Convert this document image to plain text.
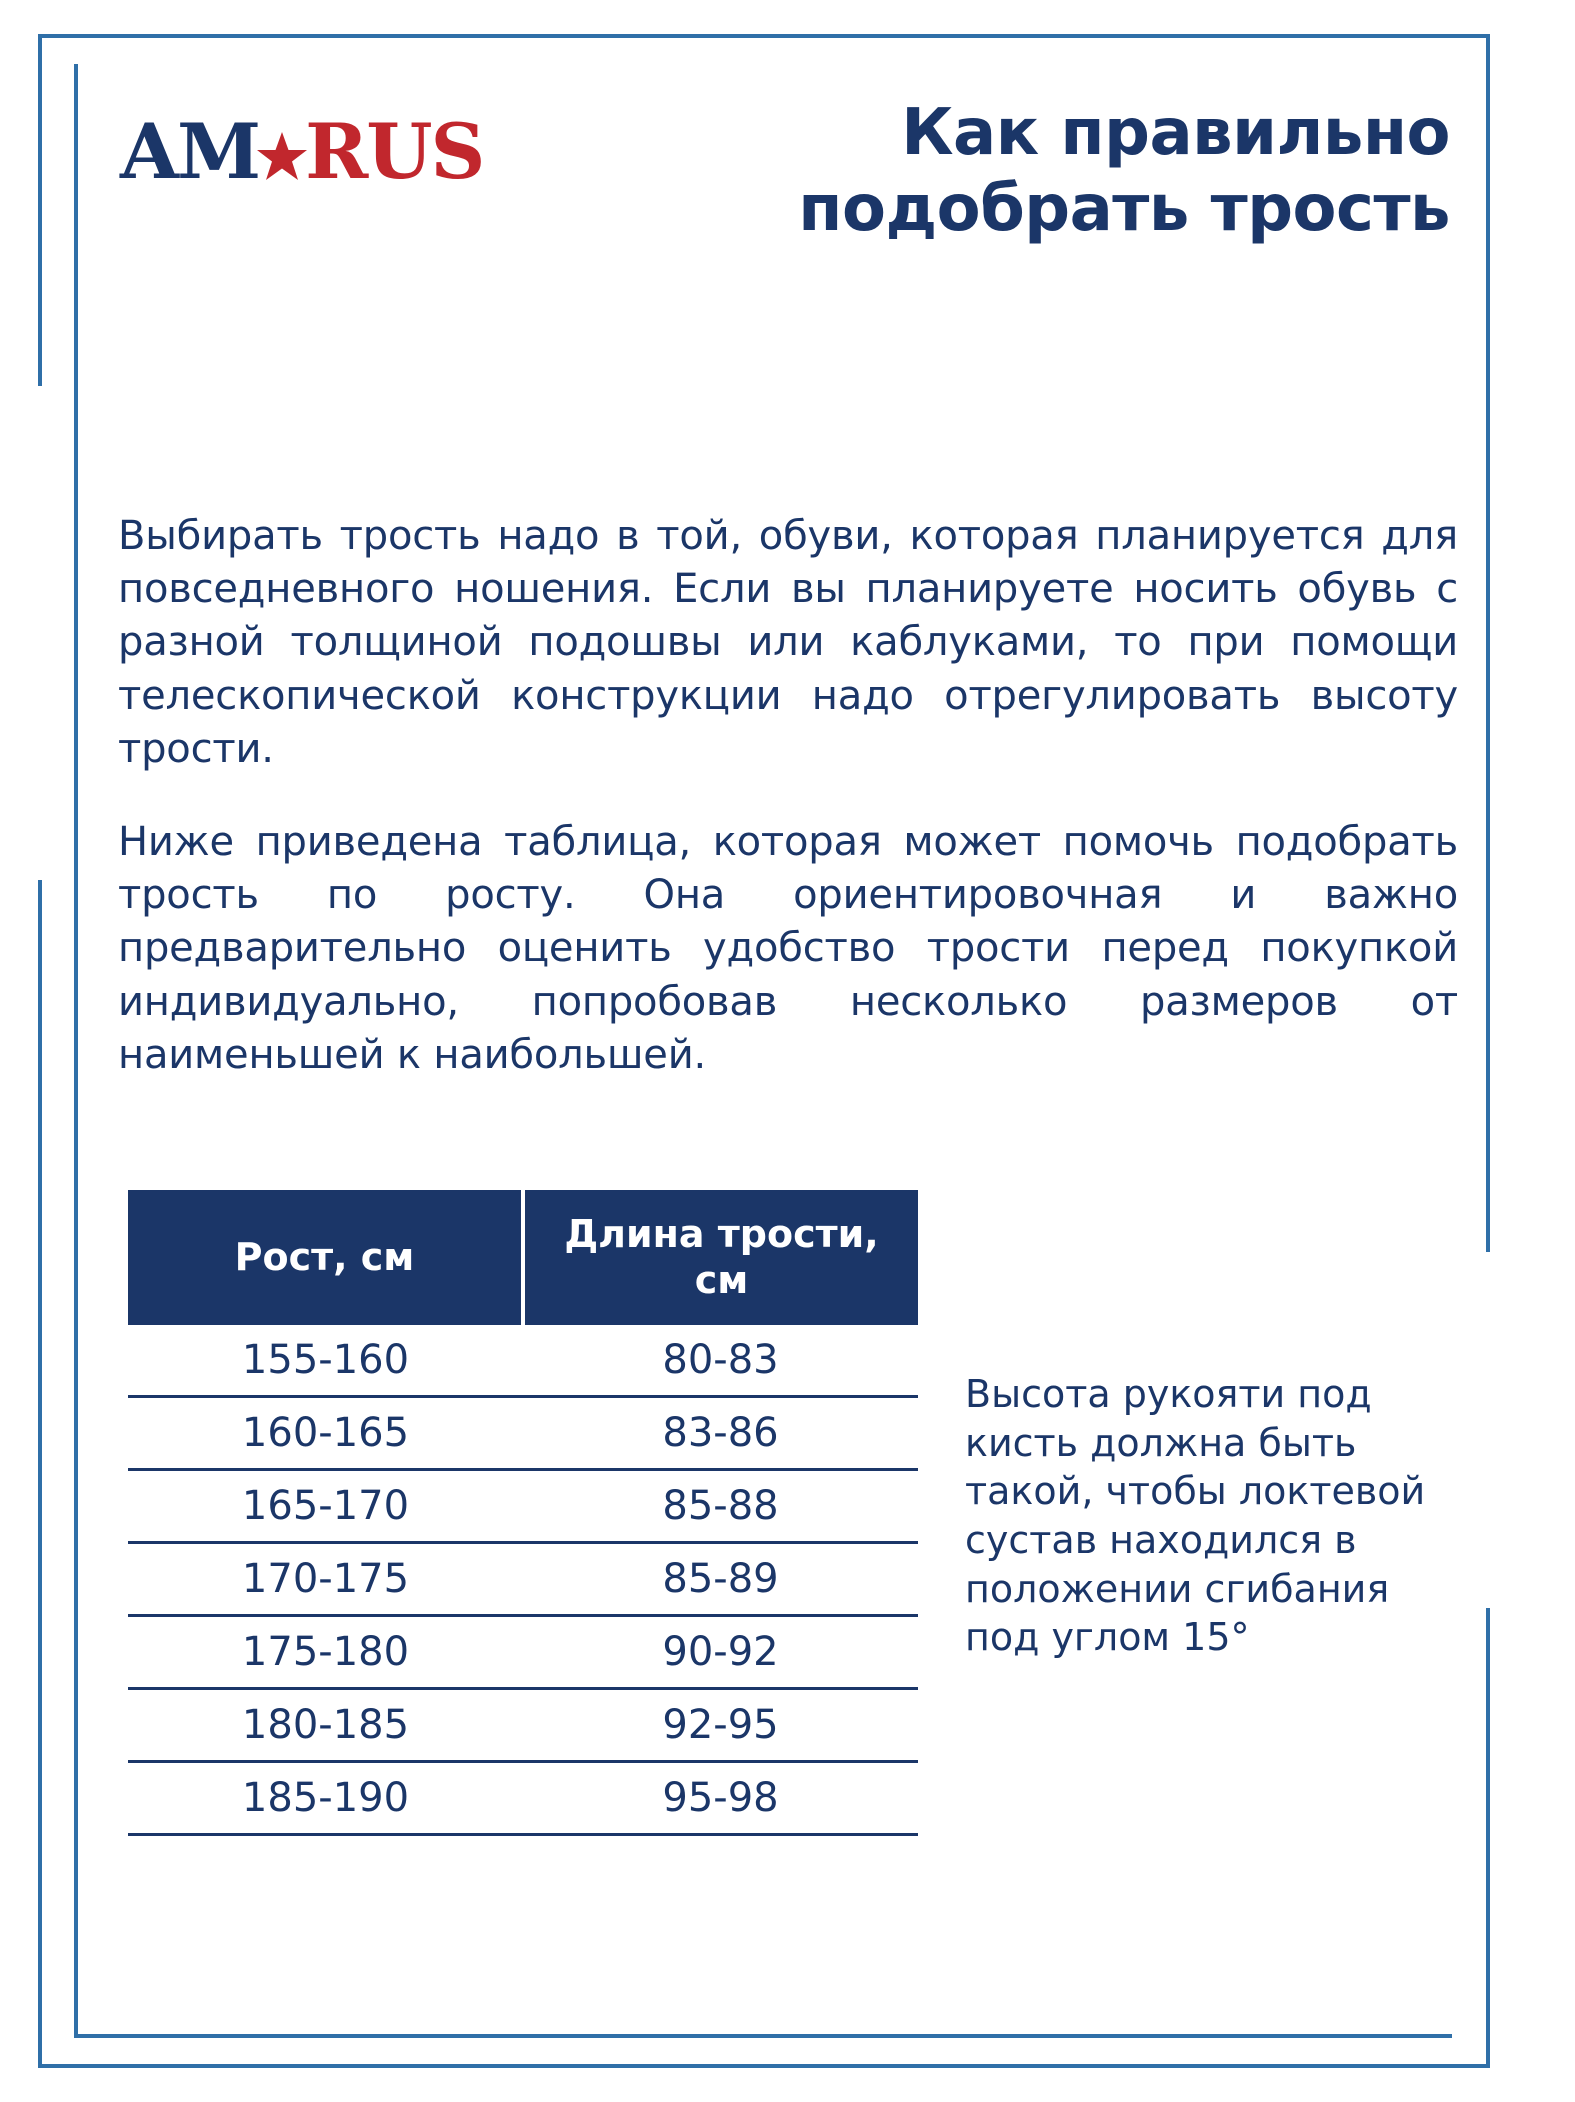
AM RUS	Как правильно подобрать трость

Выбирать трость надо в той, обуви, которая планируется для повседневного ношения. Если вы планируете носить обувь с разной толщиной подошвы или каблуками, то при помощи телескопической конструкции надо отрегулировать высоту трости.

Ниже приведена таблица, которая может помочь подобрать трость по росту. Она ориентировочная и важно предварительно оценить удобство трости перед покупкой индивидуально, попробовав несколько размеров от наименьшей к наибольшей.

Рост, см	Длина трости, см
155-160	80-83
160-165	83-86
165-170	85-88
170-175	85-89
175-180	90-92
180-185	92-95
185-190	95-98
Высота рукояти под кисть должна быть такой, чтобы локтевой сустав находился в положении сгибания под углом 15°
